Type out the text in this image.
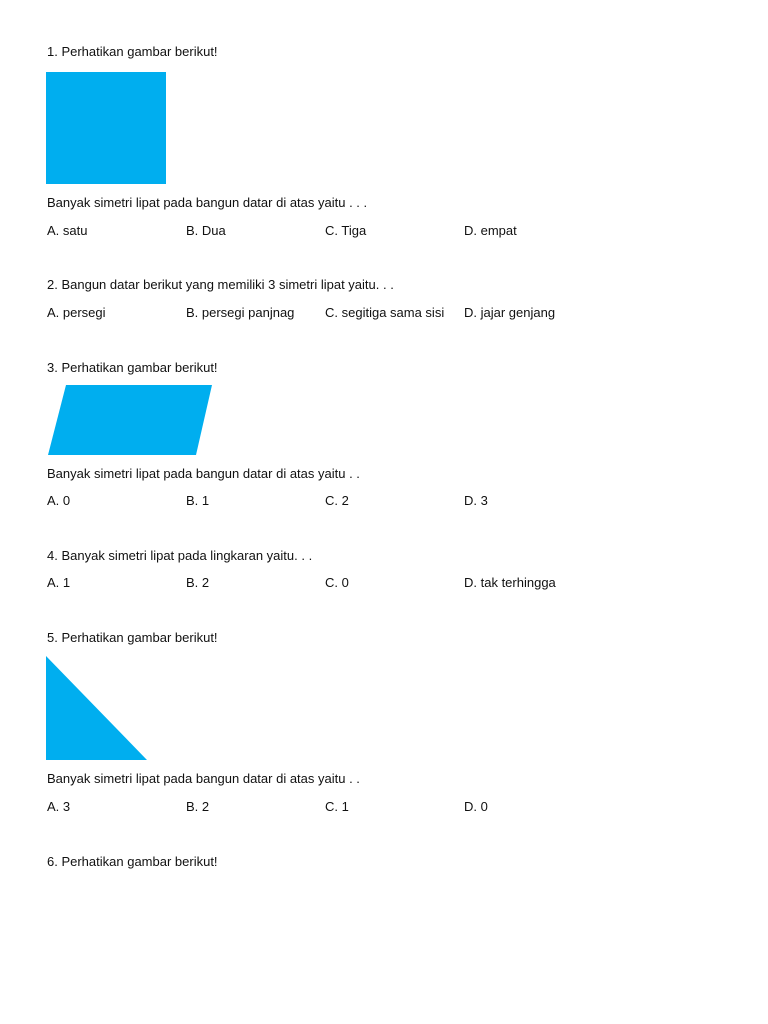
1. Perhatikan gambar berikut!
Banyak simetri lipat pada bangun datar di atas yaitu . . .
A. satu	B. Dua	C. Tiga	D. empat
2. Bangun datar berikut yang memiliki 3 simetri lipat yaitu. . .
A. persegi	B. persegi panjnag C. segitiga sama sisi D. jajar genjang
3. Perhatikan gambar berikut!
Banyak simetri lipat pada bangun datar di atas yaitu . .
A. 0	B. 1	C. 2	D. 3
4. Banyak simetri lipat pada lingkaran yaitu. . .
A. 1	B. 2	C. 0	D. tak terhingga
5. Perhatikan gambar berikut!
Banyak simetri lipat pada bangun datar di atas yaitu . .
A. 3	B. 2	C. 1	D. 0
6. Perhatikan gambar berikut!
